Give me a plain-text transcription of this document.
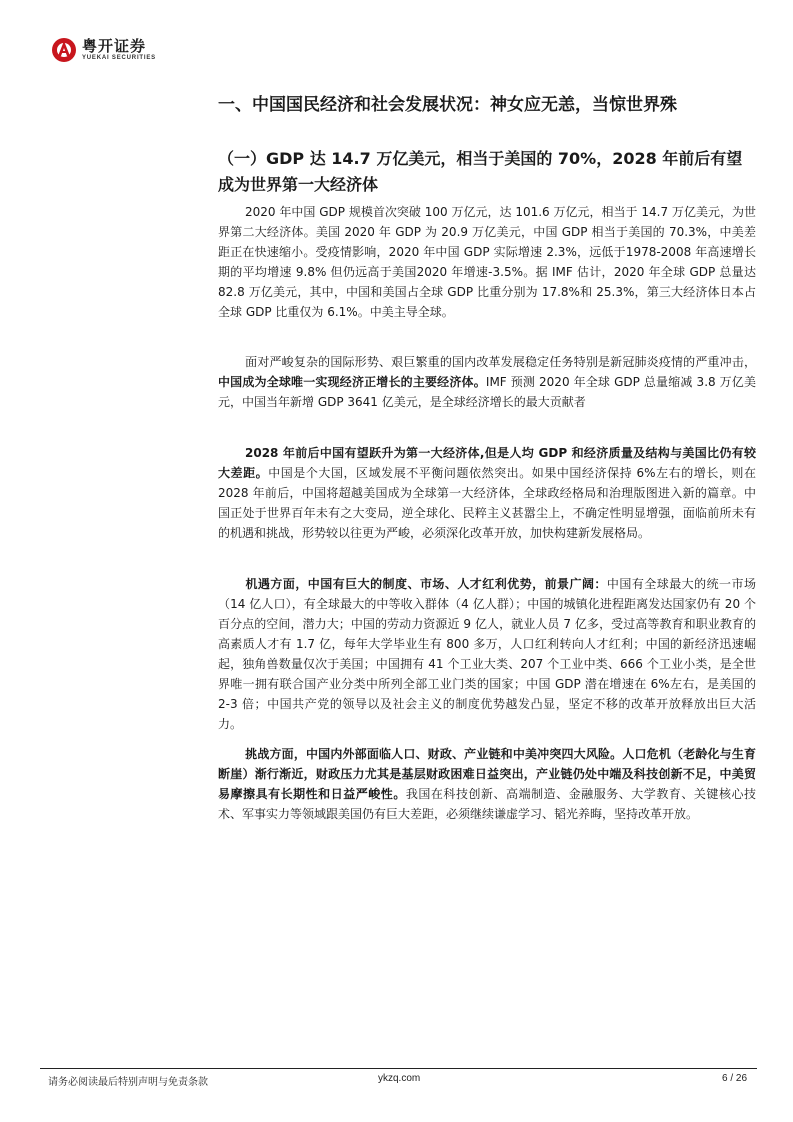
粤开证券
YUEKAI SECURITIES
一、中国国民经济和社会发展状况：神女应无恙，当惊世界殊
（一）GDP 达 14.7 万亿美元，相当于美国的 70%，2028 年前后有望成为世界第一大经济体

2020 年中国 GDP 规模首次突破 100 万亿元，达 101.6 万亿元，相当于 14.7 万亿美元，为世界第二大经济体。美国 2020 年 GDP 为 20.9 万亿美元，中国 GDP 相当于美国的 70.3%，中美差距正在快速缩小。受疫情影响，2020 年中国 GDP 实际增速 2.3%，远低于1978-2008 年高速增长期的平均增速 9.8% 但仍远高于美国2020 年增速-3.5%。据 IMF 估计，2020 年全球 GDP 总量达 82.8 万亿美元，其中，中国和美国占全球 GDP 比重分别为 17.8%和 25.3%，第三大经济体日本占全球 GDP 比重仅为 6.1%。中美主导全球。

面对严峻复杂的国际形势、艰巨繁重的国内改革发展稳定任务特别是新冠肺炎疫情的严重冲击，中国成为全球唯一实现经济正增长的主要经济体。IMF 预测 2020 年全球 GDP 总量缩减 3.8 万亿美元，中国当年新增 GDP 3641 亿美元，是全球经济增长的最大贡献者

2028 年前后中国有望跃升为第一大经济体,但是人均 GDP 和经济质量及结构与美国比仍有较大差距。中国是个大国，区域发展不平衡问题依然突出。如果中国经济保持 6%左右的增长，则在 2028 年前后，中国将超越美国成为全球第一大经济体，全球政经格局和治理版图进入新的篇章。中国正处于世界百年未有之大变局，逆全球化、民粹主义甚嚣尘上，不确定性明显增强，面临前所未有的机遇和挑战，形势较以往更为严峻，必须深化改革开放，加快构建新发展格局。

机遇方面，中国有巨大的制度、市场、人才红利优势，前景广阔：中国有全球最大的统一市场（14 亿人口），有全球最大的中等收入群体（4 亿人群）；中国的城镇化进程距离发达国家仍有 20 个百分点的空间，潜力大；中国的劳动力资源近 9 亿人，就业人员 7 亿多，受过高等教育和职业教育的高素质人才有 1.7 亿，每年大学毕业生有 800 多万，人口红利转向人才红利；中国的新经济迅速崛起，独角兽数量仅次于美国；中国拥有 41 个工业大类、207 个工业中类、666 个工业小类，是全世界唯一拥有联合国产业分类中所列全部工业门类的国家；中国 GDP 潜在增速在 6%左右，是美国的 2-3 倍；中国共产党的领导以及社会主义的制度优势越发凸显，坚定不移的改革开放释放出巨大活力。

挑战方面，中国内外部面临人口、财政、产业链和中美冲突四大风险。人口危机（老龄化与生育断崖）渐行渐近，财政压力尤其是基层财政困难日益突出，产业链仍处中端及科技创新不足，中美贸易摩擦具有长期性和日益严峻性。我国在科技创新、高端制造、金融服务、大学教育、关键核心技术、军事实力等领域跟美国仍有巨大差距，必须继续谦虚学习、韬光养晦，坚持改革开放。

请务必阅读最后特别声明与免责条款	ykzq.com	6 / 26
